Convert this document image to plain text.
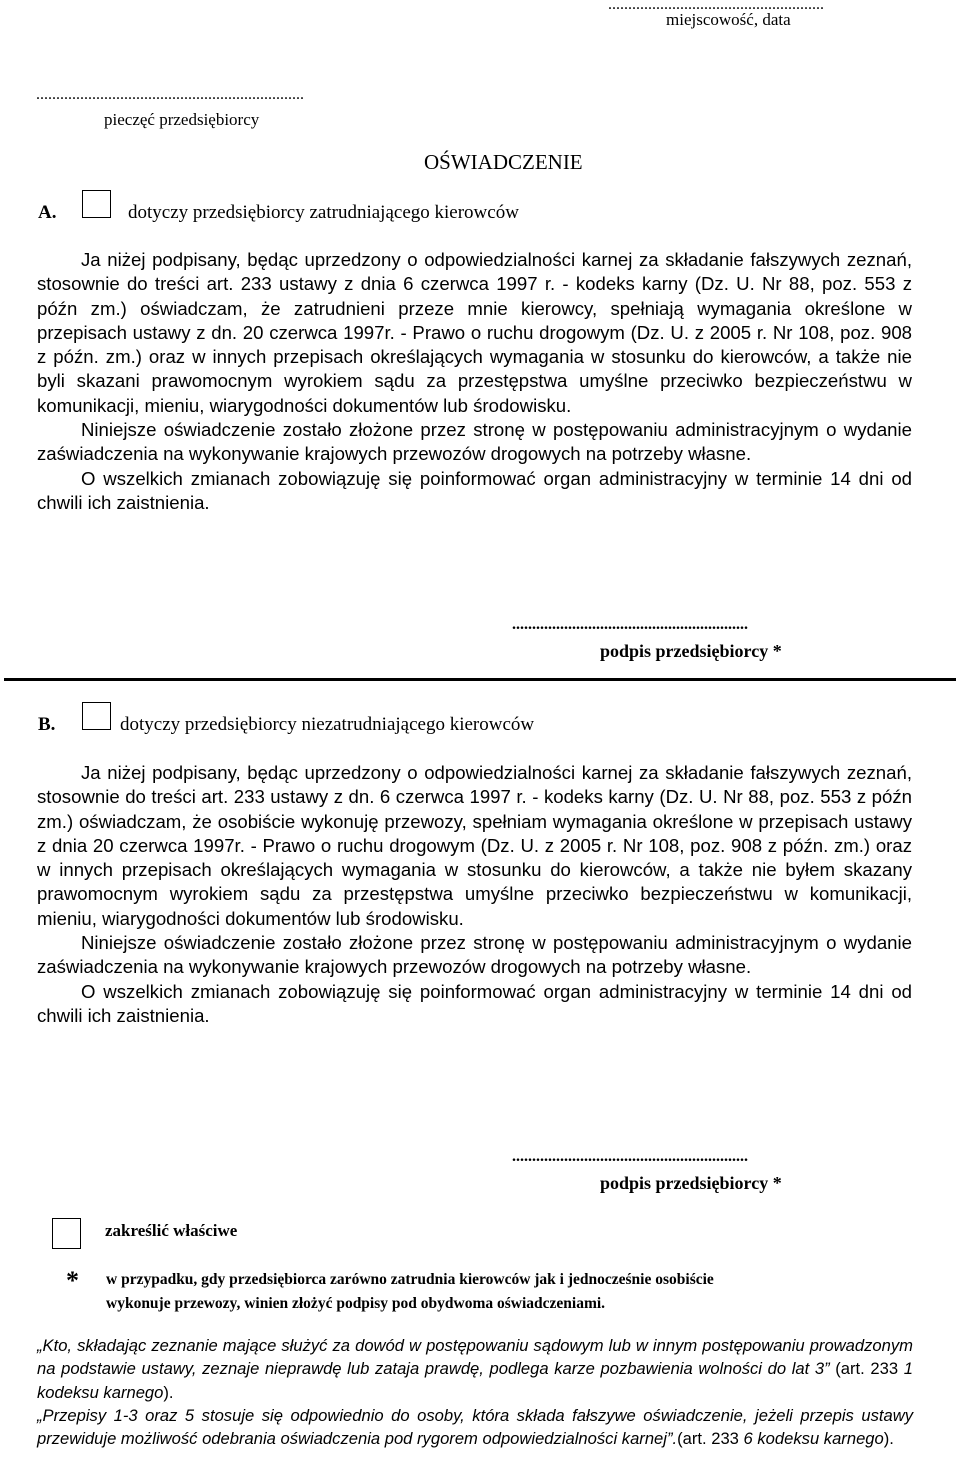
......................................................
miejscowość, data
...................................................................
pieczęć przedsiębiorcy
OŚWIADCZENIE
A.	dotyczy przedsiębiorcy zatrudniającego kierowców

Ja niżej podpisany, będąc uprzedzony o odpowiedzialności karnej za składanie fałszywych zeznań, stosownie do treści art. 233 ustawy z dnia 6 czerwca 1997 r. - kodeks karny (Dz. U. Nr 88, poz. 553 z późn zm.) oświadczam, że zatrudnieni przeze mnie kierowcy, spełniają wymagania określone w przepisach ustawy z dn. 20 czerwca 1997r. - Prawo o ruchu drogowym (Dz. U. z 2005 r. Nr 108, poz. 908 z późn. zm.) oraz w innych przepisach określających wymagania w stosunku do kierowców, a także nie byli skazani prawomocnym wyrokiem sądu za przestępstwa umyślne przeciwko bezpieczeństwu w komunikacji, mieniu, wiarygodności dokumentów lub środowisku.

Niniejsze oświadczenie zostało złożone przez stronę w postępowaniu administracyjnym o wydanie zaświadczenia na wykonywanie krajowych przewozów drogowych na potrzeby własne.

O wszelkich zmianach zobowiązuję się poinformować organ administracyjny w terminie 14 dni od chwili ich zaistnienia.

...........................................................
podpis przedsiębiorcy *
B.	dotyczy przedsiębiorcy niezatrudniającego kierowców

Ja niżej podpisany, będąc uprzedzony o odpowiedzialności karnej za składanie fałszywych zeznań, stosownie do treści art. 233 ustawy z dn. 6 czerwca 1997 r. - kodeks karny (Dz. U. Nr 88, poz. 553 z późn zm.) oświadczam, że osobiście wykonuję przewozy, spełniam wymagania określone w przepisach ustawy z dnia 20 czerwca 1997r. - Prawo o ruchu drogowym (Dz. U. z 2005 r. Nr 108, poz. 908 z późn. zm.) oraz w innych przepisach określających wymagania w stosunku do kierowców, a także nie byłem skazany prawomocnym wyrokiem sądu za przestępstwa umyślne przeciwko bezpieczeństwu w komunikacji, mieniu, wiarygodności dokumentów lub środowisku.

Niniejsze oświadczenie zostało złożone przez stronę w postępowaniu administracyjnym o wydanie zaświadczenia na wykonywanie krajowych przewozów drogowych na potrzeby własne.

O wszelkich zmianach zobowiązuję się poinformować organ administracyjny w terminie 14 dni od chwili ich zaistnienia.

...........................................................
podpis przedsiębiorcy *
zakreślić właściwe
* w przypadku, gdy przedsiębiorca zarówno zatrudnia kierowców jak i jednocześnie osobiście
wykonuje przewozy, winien złożyć podpisy pod obydwoma oświadczeniami.

„Kto, składając zeznanie mające służyć za dowód w postępowaniu sądowym lub w innym postępowaniu prowadzonym na podstawie ustawy, zeznaje nieprawdę lub zataja prawdę, podlega karze pozbawienia wolności do lat 3” (art. 233 1 kodeksu karnego).

„Przepisy 1-3 oraz 5 stosuje się odpowiednio do osoby, która składa fałszywe oświadczenie, jeżeli przepis ustawy przewiduje możliwość odebrania oświadczenia pod rygorem odpowiedzialności karnej”.(art. 233 6 kodeksu karnego).
